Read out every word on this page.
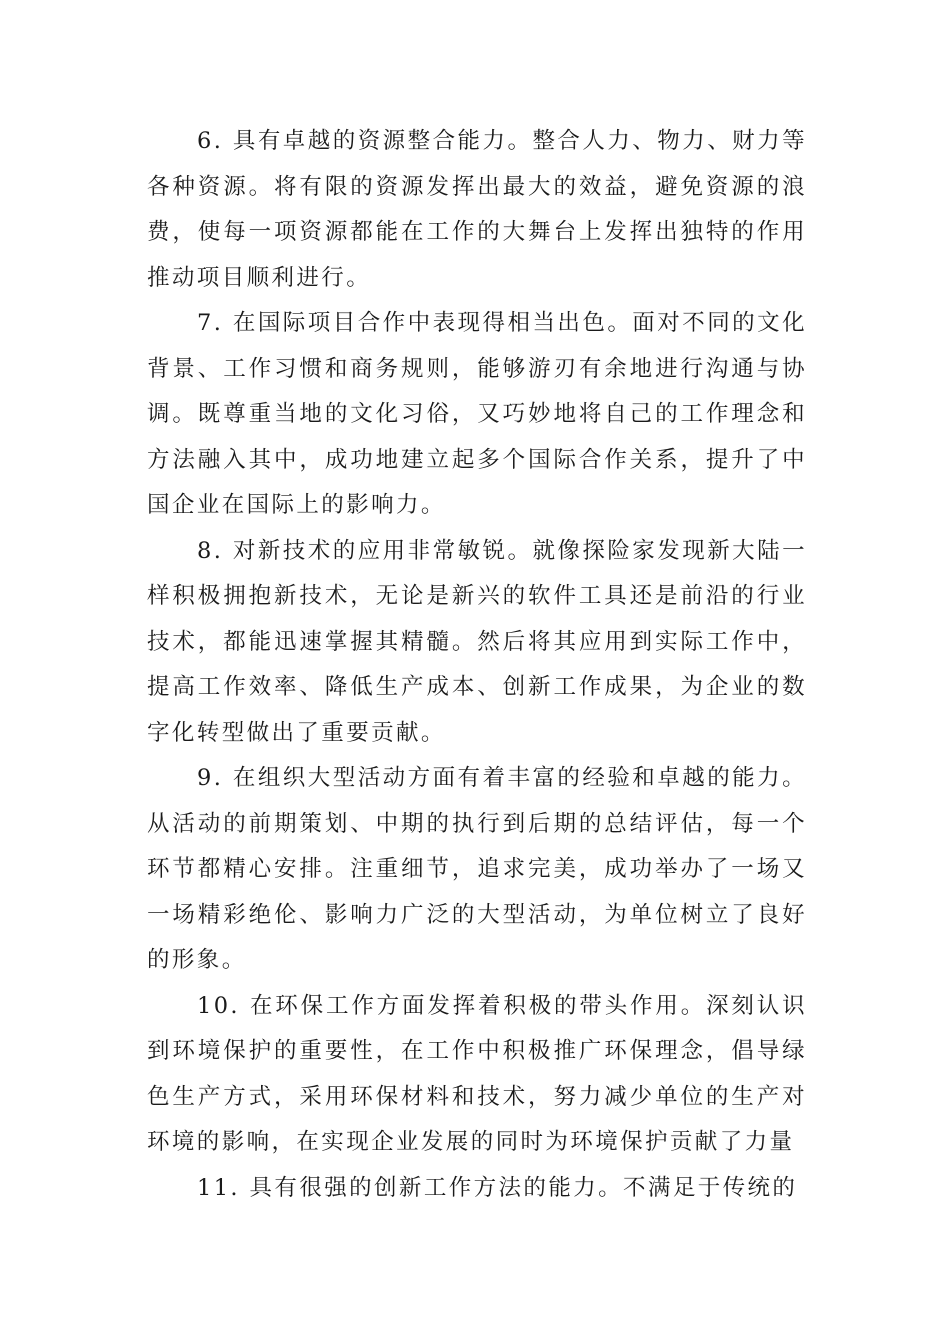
6. 具有卓越的资源整合能力。整合人力、物力、财力等各种资源。将有限的资源发挥出最大的效益，避免资源的浪费，使每一项资源都能在工作的大舞台上发挥出独特的作用推动项目顺利进行。

7. 在国际项目合作中表现得相当出色。面对不同的文化背景、工作习惯和商务规则，能够游刃有余地进行沟通与协调。既尊重当地的文化习俗，又巧妙地将自己的工作理念和方法融入其中，成功地建立起多个国际合作关系，提升了中国企业在国际上的影响力。

8. 对新技术的应用非常敏锐。就像探险家发现新大陆一样积极拥抱新技术，无论是新兴的软件工具还是前沿的行业技术，都能迅速掌握其精髓。然后将其应用到实际工作中，提高工作效率、降低生产成本、创新工作成果，为企业的数字化转型做出了重要贡献。

9. 在组织大型活动方面有着丰富的经验和卓越的能力。从活动的前期策划、中期的执行到后期的总结评估，每一个环节都精心安排。注重细节，追求完美，成功举办了一场又一场精彩绝伦、影响力广泛的大型活动，为单位树立了良好的形象。

10. 在环保工作方面发挥着积极的带头作用。深刻认识到环境保护的重要性，在工作中积极推广环保理念，倡导绿色生产方式，采用环保材料和技术，努力减少单位的生产对环境的影响，在实现企业发展的同时为环境保护贡献了力量

11. 具有很强的创新工作方法的能力。不满足于传统的
